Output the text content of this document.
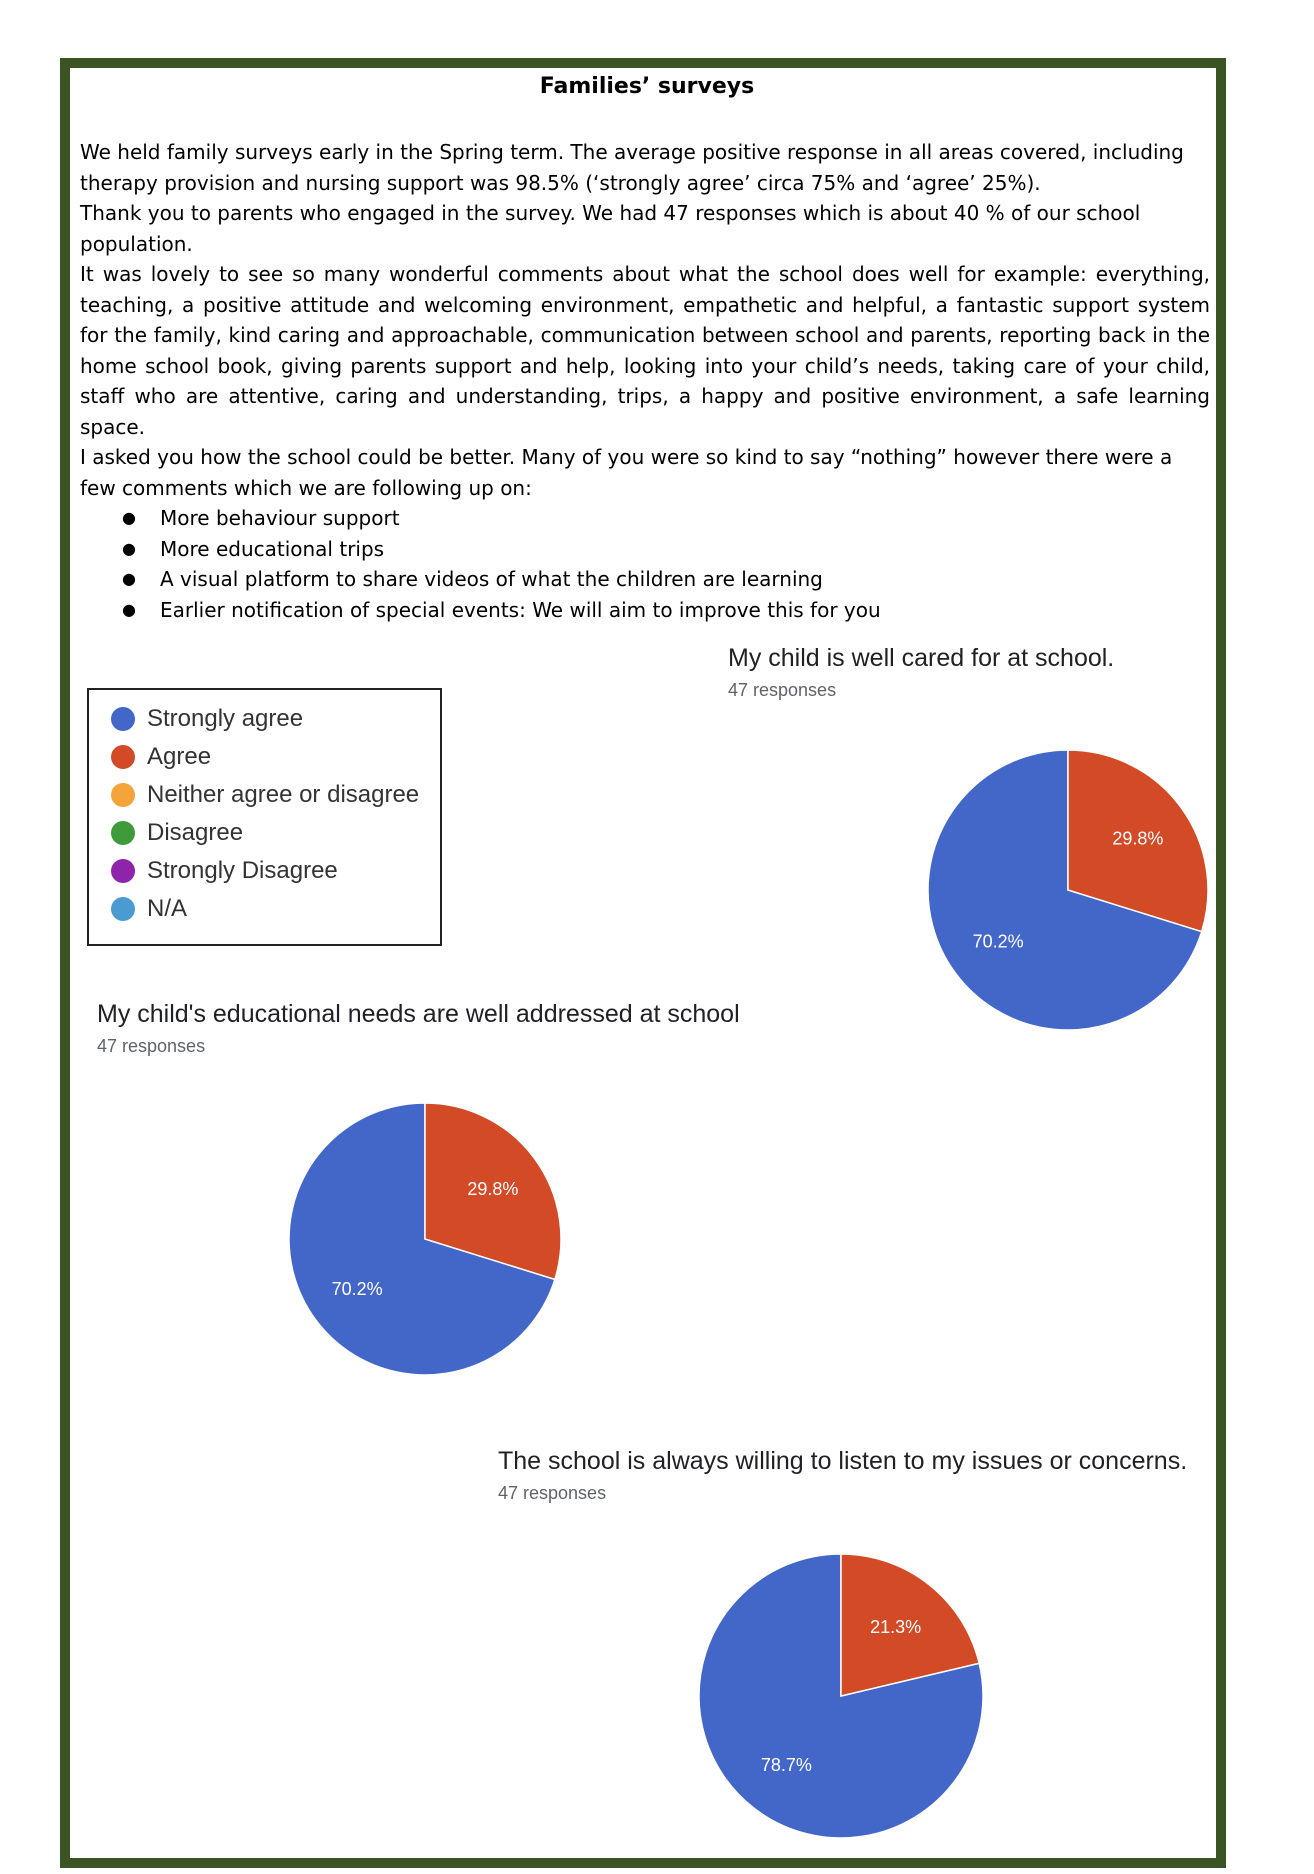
Families’ surveys
We held family surveys early in the Spring term. The average positive response in all areas covered, including therapy provision and nursing support was 98.5% (‘strongly agree’ circa 75% and ‘agree’ 25%).
Thank you to parents who engaged in the survey. We had 47 responses which is about 40 % of our school population.
It was lovely to see so many wonderful comments about what the school does well for example: everything, teaching, a positive attitude and welcoming environment, empathetic and helpful, a fantastic support system for the family, kind caring and approachable, communication between school and parents, reporting back in the home school book, giving parents support and help, looking into your child’s needs, taking care of your child, staff who are attentive, caring and understanding, trips, a happy and positive environment, a safe learning space.
I asked you how the school could be better. Many of you were so kind to say “nothing” however there were a few comments which we are following up on:
● More behaviour support
● More educational trips
● A visual platform to share videos of what the children are learning
● Earlier notification of special events: We will aim to improve this for you
Strongly agree
Agree
Neither agree or disagree
Disagree
Strongly Disagree
N/A
My child is well cared for at school.
47 responses
70.2%
29.8%
My child's educational needs are well addressed at school
47 responses
70.2%
29.8%
The school is always willing to listen to my issues or concerns.
47 responses
78.7%
21.3%
